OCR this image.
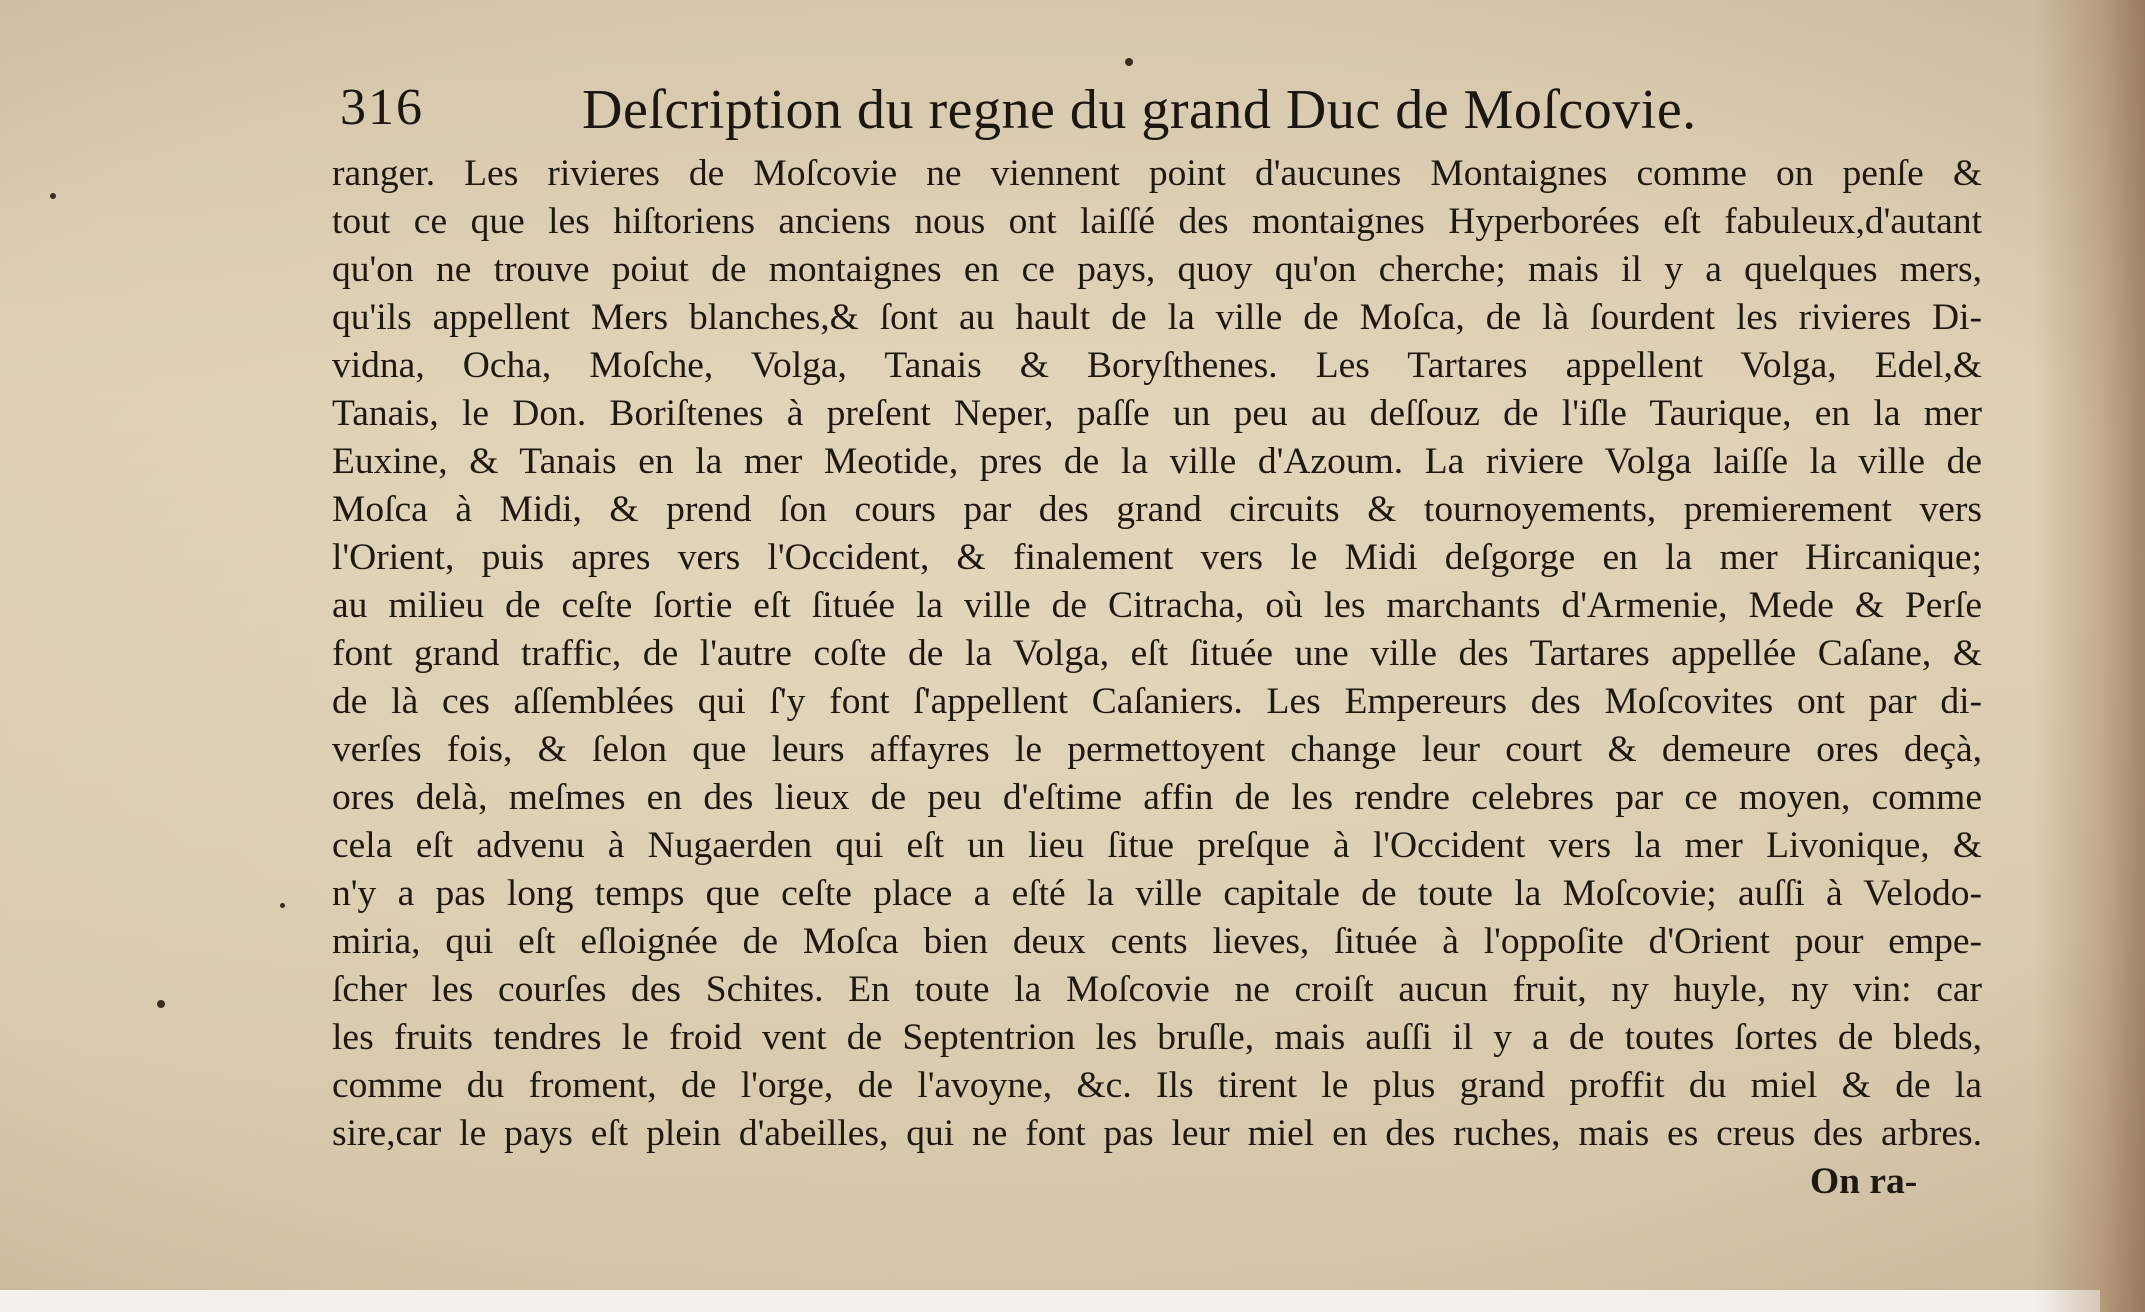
316	Deſcription du regne du grand Duc de Moſcovie.
ranger. Les rivieres de Moſcovie ne viennent point d'aucunes Montaignes comme on penſe &
tout ce que les hiſtoriens anciens nous ont laiſſé des montaignes Hyperborées eſt fabuleux,d'autant
qu'on ne trouve poiut de montaignes en ce pays, quoy qu'on cherche; mais il y a quelques mers,
qu'ils appellent Mers blanches,& ſont au hault de la ville de Moſca, de là ſourdent les rivieres Di-
vidna, Ocha, Moſche, Volga, Tanais & Boryſthenes. Les Tartares appellent Volga, Edel,&
Tanais, le Don. Boriſtenes à preſent Neper, paſſe un peu au deſſouz de l'iſle Taurique, en la mer
Euxine, & Tanais en la mer Meotide, pres de la ville d'Azoum. La riviere Volga laiſſe la ville de
Moſca à Midi, & prend ſon cours par des grand circuits & tournoyements, premierement vers
l'Orient, puis apres vers l'Occident, & finalement vers le Midi deſgorge en la mer Hircanique;
au milieu de ceſte ſortie eſt ſituée la ville de Citracha, où les marchants d'Armenie, Mede & Perſe
font grand traffic, de l'autre coſte de la Volga, eſt ſituée une ville des Tartares appellée Caſane, &
de là ces aſſemblées qui ſ'y font ſ'appellent Caſaniers. Les Empereurs des Moſcovites ont par di-
verſes fois, & ſelon que leurs affayres le permettoyent change leur court & demeure ores deçà,
ores delà, meſmes en des lieux de peu d'eſtime affin de les rendre celebres par ce moyen, comme
cela eſt advenu à Nugaerden qui eſt un lieu ſitue preſque à l'Occident vers la mer Livonique, &
n'y a pas long temps que ceſte place a eſté la ville capitale de toute la Moſcovie; auſſi à Velodo-
miria, qui eſt eſloignée de Moſca bien deux cents lieves, ſituée à l'oppoſite d'Orient pour empe-
ſcher les courſes des Schites. En toute la Moſcovie ne croiſt aucun fruit, ny huyle, ny vin: car
les fruits tendres le froid vent de Septentrion les bruſle, mais auſſi il y a de toutes ſortes de bleds,
comme du froment, de l'orge, de l'avoyne, &c. Ils tirent le plus grand proffit du miel & de la
sire,car le pays eſt plein d'abeilles, qui ne font pas leur miel en des ruches, mais es creus des arbres.
On ra-
